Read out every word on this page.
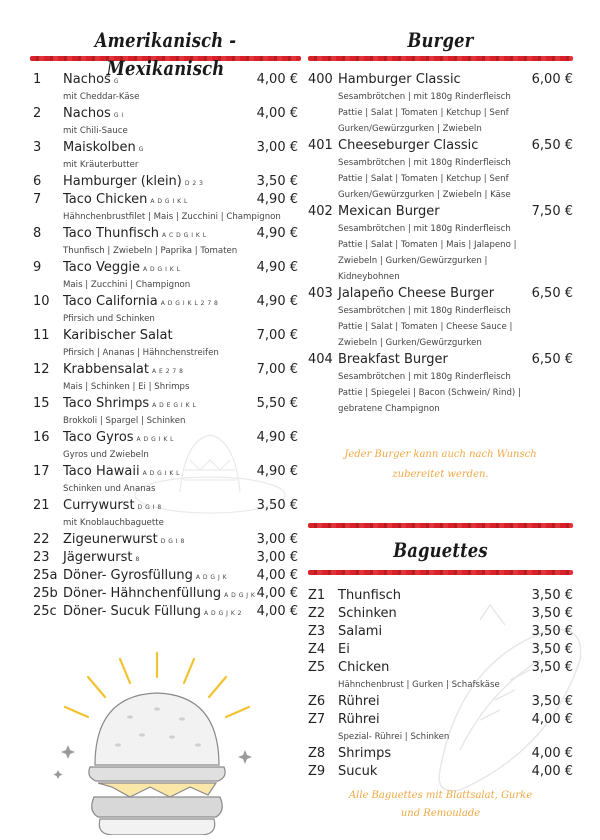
Amerikanisch - Mexikanisch
1	Nachos G	4,00 €
mit Cheddar-Käse
2	Nachos G I	4,00 €
mit Chili-Sauce
3	Maiskolben G	3,00 €
mit Kräuterbutter
6	Hamburger (klein) D 2 3	3,50 €
7	Taco Chicken A D G I K L	4,90 €
Hähnchenbrustfilet | Mais | Zucchini | Champignon
8	Taco Thunfisch A C D G I K L	4,90 €
Thunfisch | Zwiebeln | Paprika | Tomaten
9	Taco Veggie A D G I K L	4,90 €
Mais | Zucchini | Champignon
10	Taco California A D G I K L 2 7 8	4,90 €
Pfirsich und Schinken
11	Karibischer Salat	7,00 €
Pfirsich | Ananas | Hähnchenstreifen
12	Krabbensalat A E 2 7 8	7,00 €
Mais | Schinken | Ei | Shrimps
15	Taco Shrimps A D E G I K L	5,50 €
Brokkoli | Spargel | Schinken
16	Taco Gyros A D G I K L	4,90 €
Gyros und Zwiebeln
17	Taco Hawaii A D G I K L	4,90 €
Schinken und Ananas
21	Currywurst D G I 8	3,50 €
mit Knoblauchbaguette
22	Zigeunerwurst D G I 8	3,00 €
23	Jägerwurst 8	3,00 €
25a Döner- Gyrosfüllung A D G J K 4,00 €
25b Döner- Hähnchenfüllung A D G J K 4,00 €
25c Döner- Sucuk Füllung A D G J K 2 4,00 €
Burger
400 Hamburger Classic	6,00 €
Sesambrötchen | mit 180g Rinderfleisch Pattie | Salat | Tomaten | Ketchup | Senf Gurken/Gewürzgurken | Zwiebeln
401 Cheeseburger Classic	6,50 €
Sesambrötchen | mit 180g Rinderfleisch Pattie | Salat | Tomaten | Ketchup | Senf Gurken/Gewürzgurken | Zwiebeln | Käse
402 Mexican Burger	7,50 €
Sesambrötchen | mit 180g Rinderfleisch Pattie | Salat | Tomaten | Mais | Jalapeno | Zwiebeln | Gurken/Gewürzgurken | Kidneybohnen
403 Jalapeño Cheese Burger	6,50 €
Sesambrötchen | mit 180g Rinderfleisch Pattie | Salat | Tomaten | Cheese Sauce | Zwiebeln | Gurken/Gewürzgurken
404 Breakfast Burger	6,50 €
Sesambrötchen | mit 180g Rinderfleisch Pattie | Spiegelei | Bacon (Schwein/ Rind) | gebratene Champignon
Jeder Burger kann auch nach Wunsch
zubereitet werden.
Baguettes
Z1 Thunfisch	3,50 €
Z2 Schinken	3,50 €
Z3 Salami	3,50 €
Z4 Ei	3,50 €
Z5 Chicken	3,50 €
Hähnchenbrust | Gurken | Schafskäse
Z6 Rührei	3,50 €
Z7 Rührei	4,00 €
Spezial- Rührei | Schinken
Z8 Shrimps	4,00 €
Z9 Sucuk	4,00 €
Alle Baguettes mit Blattsalat, Gurke
und Remoulade
